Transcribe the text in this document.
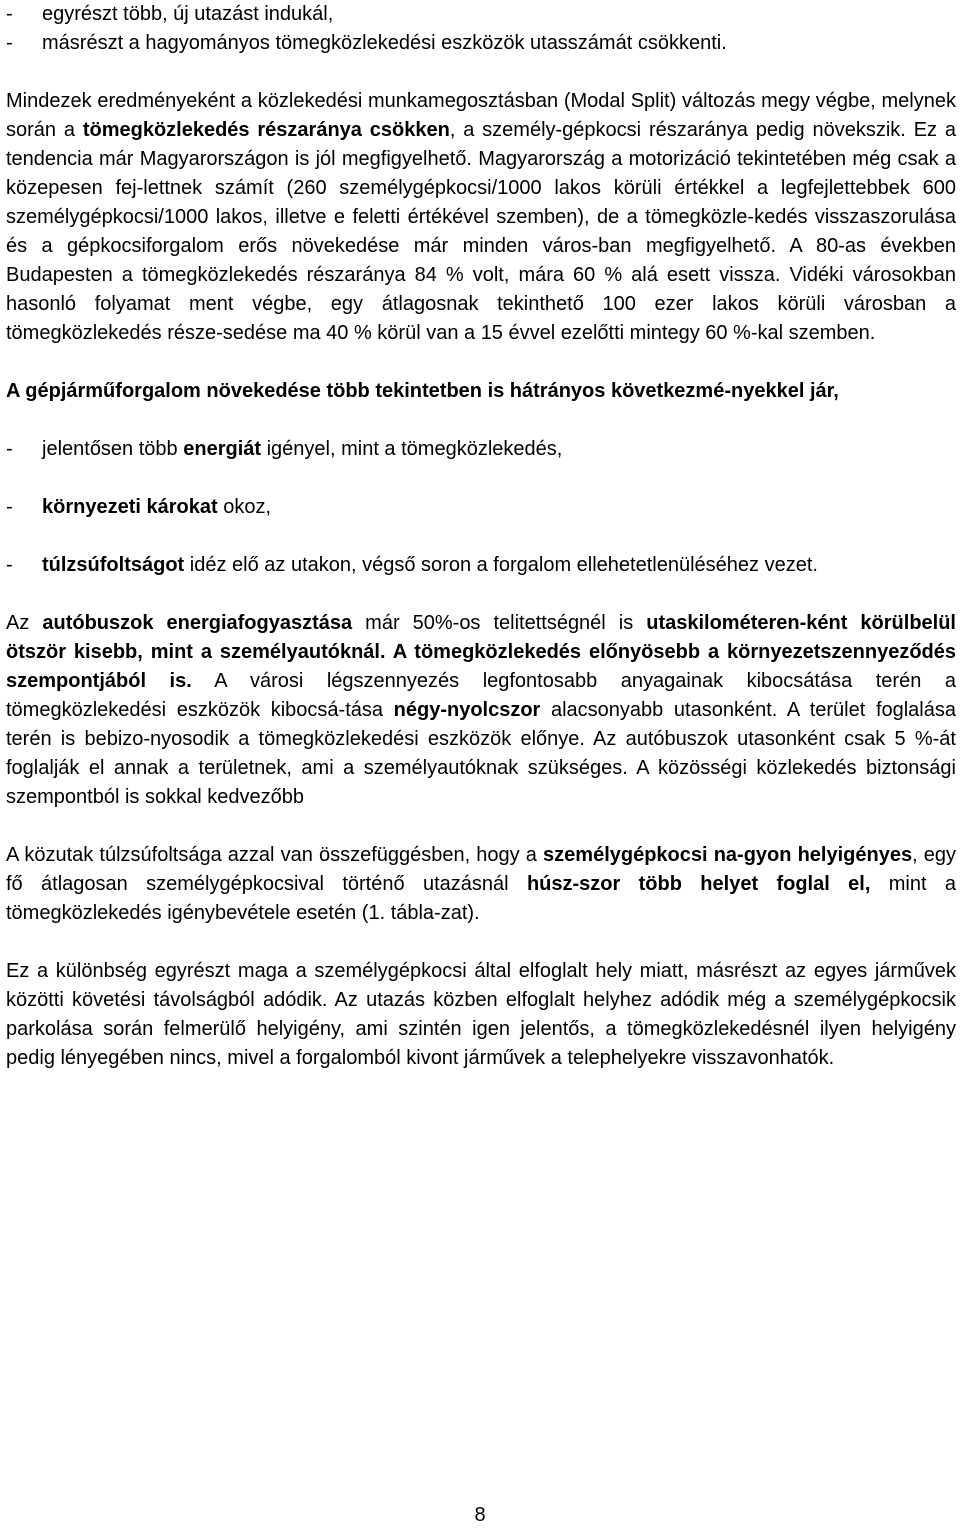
-	egyrészt több, új utazást indukál,
-	másrészt a hagyományos tömegközlekedési eszközök utasszámát csökkenti.

Mindezek eredményeként a közlekedési munkamegosztásban (Modal Split) változás megy végbe, melynek során a tömegközlekedés részaránya csökken, a személy-gépkocsi részaránya pedig növekszik. Ez a tendencia már Magyarországon is jól megfigyelhető. Magyarország a motorizáció tekintetében még csak a közepesen fej-lettnek számít (260 személygépkocsi/1000 lakos körüli értékkel a legfejlettebbek 600 személygépkocsi/1000 lakos, illetve e feletti értékével szemben), de a tömegközle-kedés visszaszorulása és a gépkocsiforgalom erős növekedése már minden város-ban megfigyelhető. A 80-as években Budapesten a tömegközlekedés részaránya 84 % volt, mára 60 % alá esett vissza. Vidéki városokban hasonló folyamat ment végbe, egy átlagosnak tekinthető 100 ezer lakos körüli városban a tömegközlekedés része-sedése ma 40 % körül van a 15 évvel ezelőtti mintegy 60 %-kal szemben.

A gépjárműforgalom növekedése több tekintetben is hátrányos következmé-nyekkel jár,

-	jelentősen több energiát igényel, mint a tömegközlekedés,
-	környezeti károkat okoz,
-	túlzsúfoltságot idéz elő az utakon, végső soron a forgalom ellehetetlenüléséhez vezet.

Az autóbuszok energiafogyasztása már 50%-os telitettségnél is utaskilométeren-ként körülbelül ötször kisebb, mint a személyautóknál. A tömegközlekedés előnyösebb a környezetszennyeződés szempontjából is. A városi légszennyezés legfontosabb anyagainak kibocsátása terén a tömegközlekedési eszközök kibocsá-tása négy-nyolcszor alacsonyabb utasonként. A terület foglalása terén is bebizo-nyosodik a tömegközlekedési eszközök előnye. Az autóbuszok utasonként csak 5 %-át foglalják el annak a területnek, ami a személyautóknak szükséges. A közösségi közlekedés biztonsági szempontból is sokkal kedvezőbb

A közutak túlzsúfoltsága azzal van összefüggésben, hogy a személygépkocsi na-gyon helyigényes, egy fő átlagosan személygépkocsival történő utazásnál húsz-szor több helyet foglal el, mint a tömegközlekedés igénybevétele esetén (1. tábla-zat).

Ez a különbség egyrészt maga a személygépkocsi által elfoglalt hely miatt, másrészt az egyes járművek közötti követési távolságból adódik. Az utazás közben elfoglalt helyhez adódik még a személygépkocsik parkolása során felmerülő helyigény, ami szintén igen jelentős, a tömegközlekedésnél ilyen helyigény pedig lényegében nincs, mivel a forgalomból kivont járművek a telephelyekre visszavonhatók.

8
